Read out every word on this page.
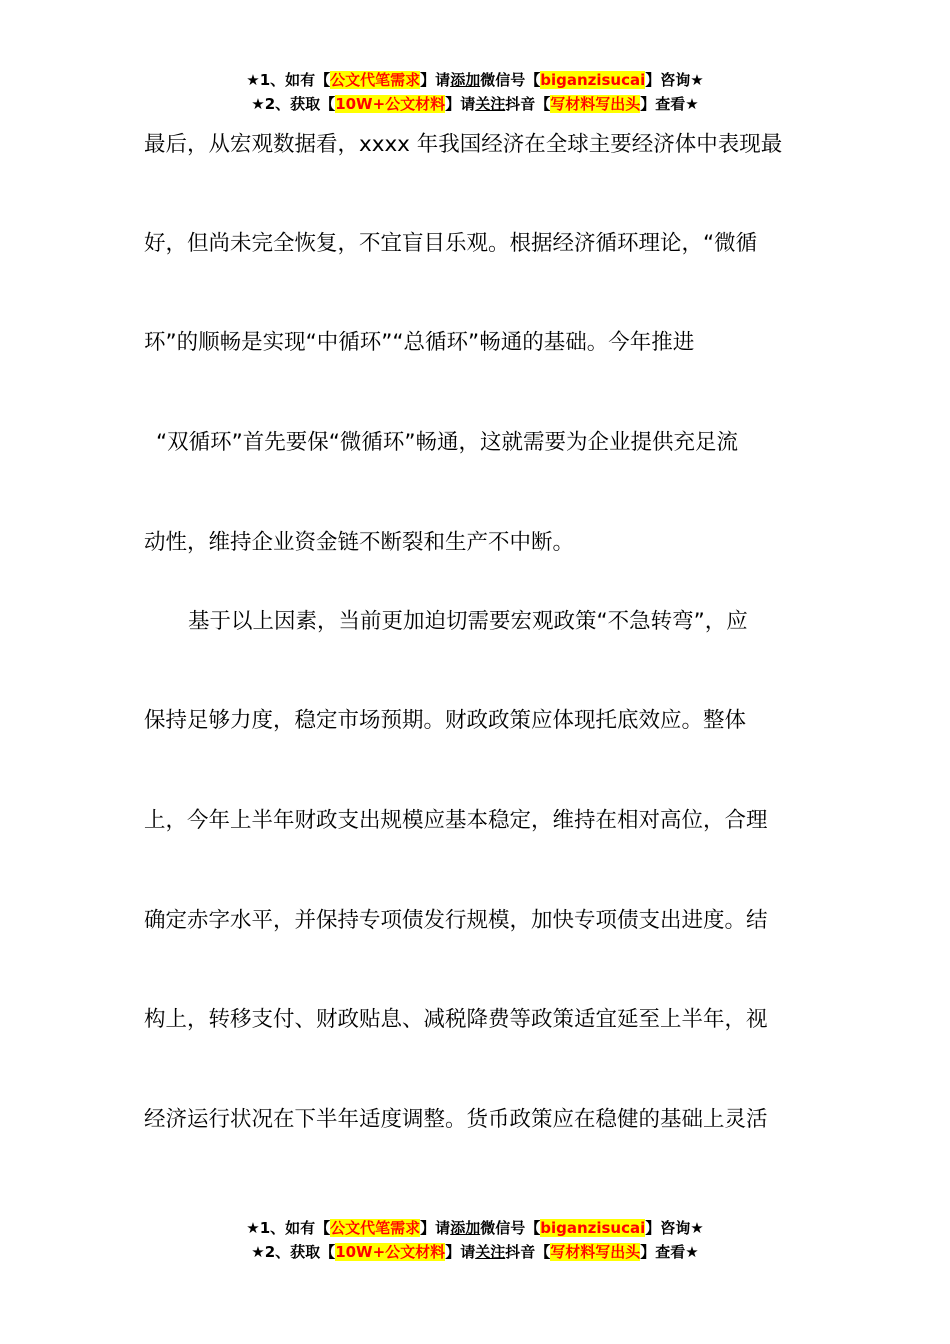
★1、如有【公文代笔需求】请添加微信号【biganzisucai】咨询★
★2、获取【10W+公文材料】请关注抖音【写材料写出头】查看★
最后，从宏观数据看，xxxx 年我国经济在全球主要经济体中表现最
好，但尚未完全恢复，不宜盲目乐观。根据经济循环理论，“微循
环”的顺畅是实现“中循环”“总循环”畅通的基础。今年推进
“双循环”首先要保“微循环”畅通，这就需要为企业提供充足流
动性，维持企业资金链不断裂和生产不中断。
基于以上因素，当前更加迫切需要宏观政策“不急转弯”，应
保持足够力度，稳定市场预期。财政政策应体现托底效应。整体
上，今年上半年财政支出规模应基本稳定，维持在相对高位，合理
确定赤字水平，并保持专项债发行规模，加快专项债支出进度。结
构上，转移支付、财政贴息、减税降费等政策适宜延至上半年，视
经济运行状况在下半年适度调整。货币政策应在稳健的基础上灵活
★1、如有【公文代笔需求】请添加微信号【biganzisucai】咨询★
★2、获取【10W+公文材料】请关注抖音【写材料写出头】查看★
